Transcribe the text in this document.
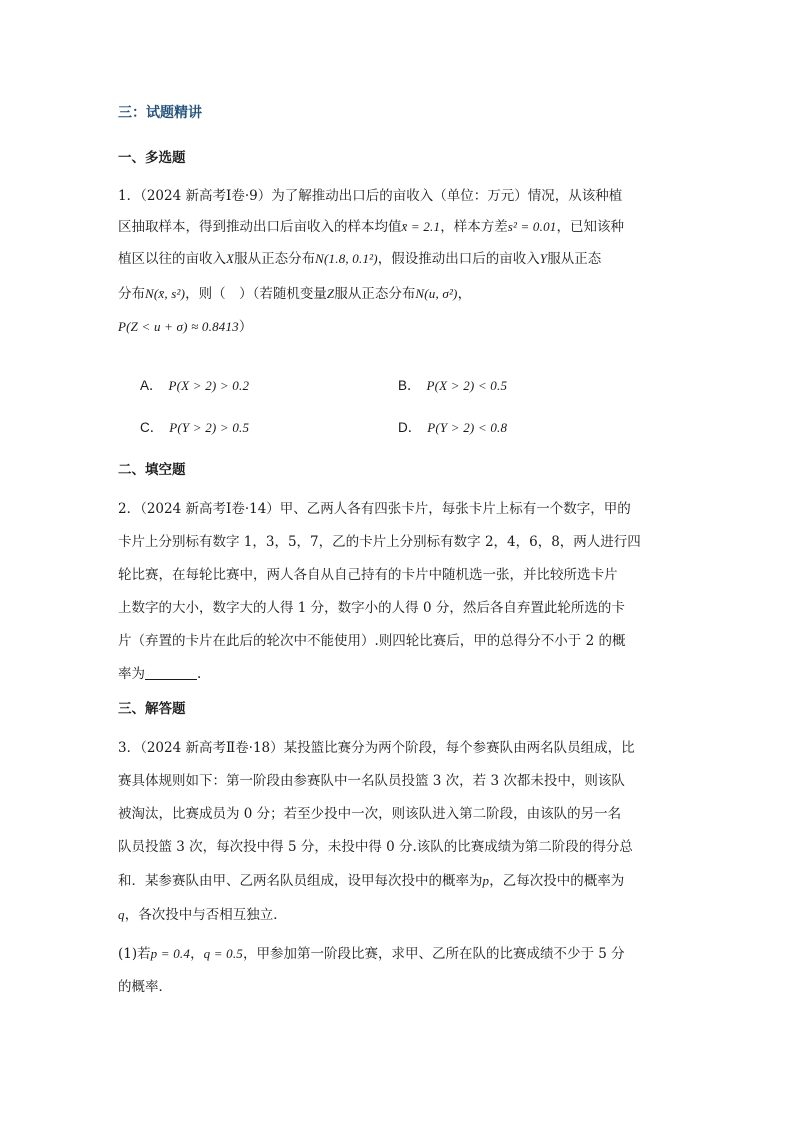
三：试题精讲
一、多选题
1．（2024 新高考Ⅰ卷·9）为了解推动出口后的亩收入（单位：万元）情况，从该种植
区抽取样本，得到推动出口后亩收入的样本均值x̄ = 2.1，样本方差s² = 0.01，已知该种
植区以往的亩收入X服从正态分布N(1.8, 0.1²)，假设推动出口后的亩收入Y服从正态
分布N(x̄, s²)，则（　）（若随机变量Z服从正态分布N(u, σ²)，
P(Z < u + σ) ≈ 0.8413）
A． P(X > 2) > 0.2	B． P(X > 2) < 0.5
C． P(Y > 2) > 0.5	D． P(Y > 2) < 0.8
二、填空题
2．（2024 新高考Ⅰ卷·14）甲、乙两人各有四张卡片，每张卡片上标有一个数字，甲的
卡片上分别标有数字 1，3，5，7，乙的卡片上分别标有数字 2，4，6，8，两人进行四
轮比赛，在每轮比赛中，两人各自从自己持有的卡片中随机选一张，并比较所选卡片
上数字的大小，数字大的人得 1 分，数字小的人得 0 分，然后各自弃置此轮所选的卡
片（弃置的卡片在此后的轮次中不能使用）.则四轮比赛后，甲的总得分不小于 2 的概
率为	.
三、解答题
3．（2024 新高考Ⅱ卷·18）某投篮比赛分为两个阶段，每个参赛队由两名队员组成，比
赛具体规则如下：第一阶段由参赛队中一名队员投篮 3 次，若 3 次都未投中，则该队
被淘汰，比赛成员为 0 分；若至少投中一次，则该队进入第二阶段，由该队的另一名
队员投篮 3 次，每次投中得 5 分，未投中得 0 分.该队的比赛成绩为第二阶段的得分总
和．某参赛队由甲、乙两名队员组成，设甲每次投中的概率为p，乙每次投中的概率为
q，各次投中与否相互独立．
(1)若p = 0.4，q = 0.5，甲参加第一阶段比赛，求甲、乙所在队的比赛成绩不少于 5 分
的概率．
